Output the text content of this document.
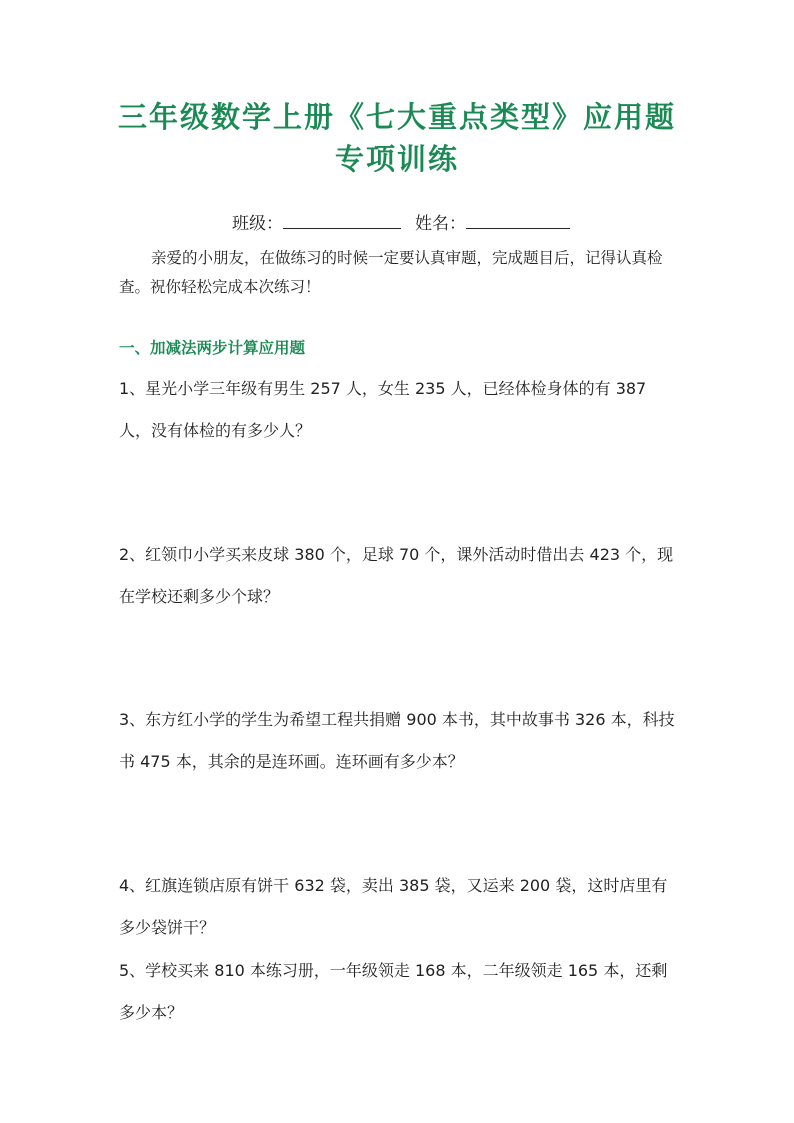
三年级数学上册《七大重点类型》应用题
专项训练
班级：	姓名：
亲爱的小朋友，在做练习的时候一定要认真审题，完成题目后，记得认真检查。祝你轻松完成本次练习！
一、加减法两步计算应用题
1、星光小学三年级有男生 257 人，女生 235 人，已经体检身体的有 387 人，没有体检的有多少人？
2、红领巾小学买来皮球 380 个，足球 70 个，课外活动时借出去 423 个，现在学校还剩多少个球？
3、东方红小学的学生为希望工程共捐赠 900 本书，其中故事书 326 本，科技书 475 本，其余的是连环画。连环画有多少本？
4、红旗连锁店原有饼干 632 袋，卖出 385 袋，又运来 200 袋，这时店里有多少袋饼干？
5、学校买来 810 本练习册，一年级领走 168 本，二年级领走 165 本，还剩多少本？
